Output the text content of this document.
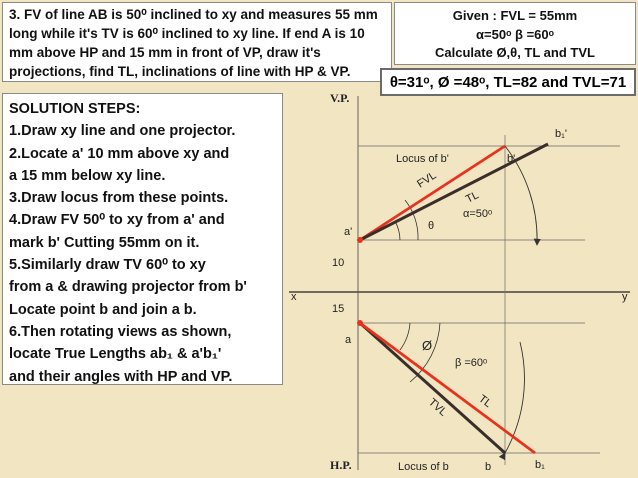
3. FV of line AB is 50⁰ inclined to xy and measures 55 mm
long while it's TV is 60⁰ inclined to xy line. If end A is 10
mm above HP and 15 mm in front of VP, draw it's
projections, find TL, inclinations of line with HP & VP.
Given : FVL = 55mm
α=50ᵒ β =60ᵒ
Calculate Ø,θ, TL and TVL
θ=31ᵒ, Ø =48ᵒ, TL=82 and TVL=71
SOLUTION STEPS:
1.Draw xy line and one projector.
2.Locate a' 10 mm above xy and
a 15 mm below xy line.
3.Draw locus from these points.
4.Draw FV 50⁰ to xy from a' and
mark b' Cutting 55mm on it.
5.Similarly draw TV 60⁰ to xy
from a & drawing projector from b'
Locate point b and join a b.
6.Then rotating views as shown,
locate True Lengths ab₁ & a'b₁'
and their angles with HP and VP.
V.P.
H.P.
x	y
Locus of b'
Locus of b
b'
b₁'
a'
a
b	b₁
FVL
TL
TL
TVL
α=50ᵒ
β =60ᵒ
θ
Ø
10
15
